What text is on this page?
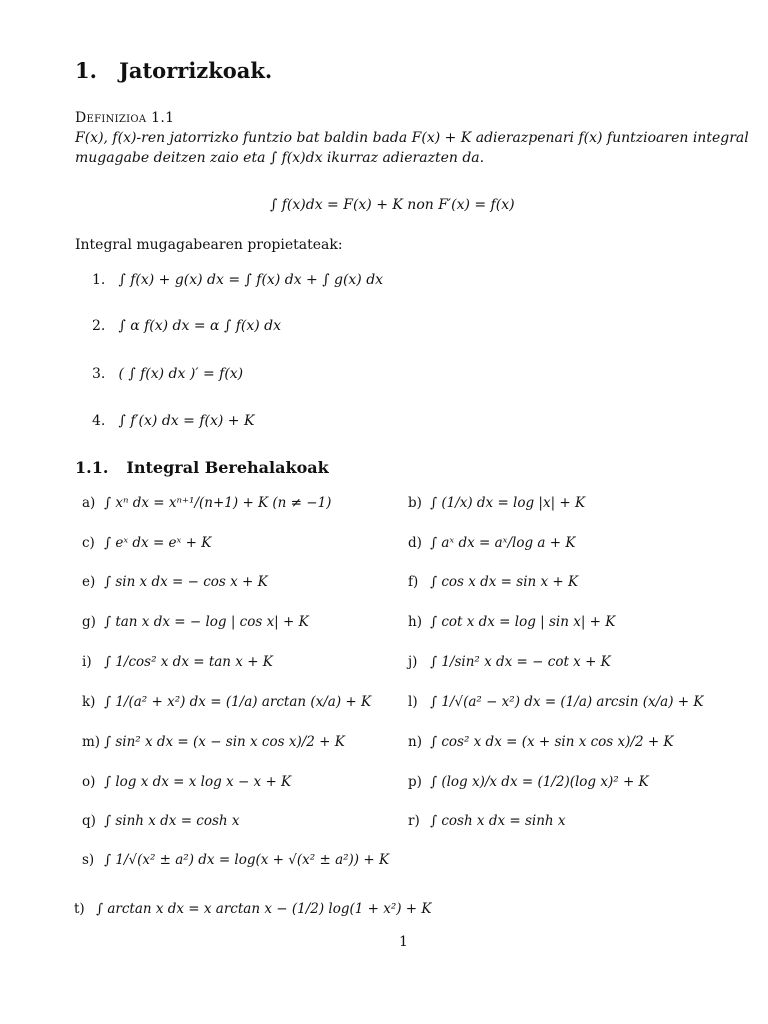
1. Jatorrizkoak.
Definizioa 1.1
F(x), f(x)-ren jatorrizko funtzio bat baldin bada F(x) + K adierazpenari f(x) funtzioaren integral
mugagabe deitzen zaio eta ∫ f(x)dx ikurraz adierazten da.
∫ f(x)dx = F(x) + K non F′(x) = f(x)
Integral mugagabearen propietateak:
1. ∫ f(x) + g(x) dx = ∫ f(x) dx + ∫ g(x) dx
2. ∫ α f(x) dx = α ∫ f(x) dx
3. ( ∫ f(x) dx )′ = f(x)
4. ∫ f′(x) dx = f(x) + K
1.1. Integral Berehalakoak
a) ∫ xⁿ dx = xⁿ⁺¹/(n+1) + K (n ≠ −1)
c) ∫ eˣ dx = eˣ + K
e) ∫ sin x dx = − cos x + K
g) ∫ tan x dx = − log | cos x| + K
i) ∫ 1/cos² x dx = tan x + K
k) ∫ 1/(a² + x²) dx = (1/a) arctan (x/a) + K
m) ∫ sin² x dx = (x − sin x cos x)/2 + K
o) ∫ log x dx = x log x − x + K
q) ∫ sinh x dx = cosh x
s) ∫ 1/√(x² ± a²) dx = log(x + √(x² ± a²)) + K
t) ∫ arctan x dx = x arctan x − (1/2) log(1 + x²) + K
b) ∫ (1/x) dx = log |x| + K
d) ∫ aˣ dx = aˣ/log a + K
f) ∫ cos x dx = sin x + K
h) ∫ cot x dx = log | sin x| + K
j) ∫ 1/sin² x dx = − cot x + K
l) ∫ 1/√(a² − x²) dx = (1/a) arcsin (x/a) + K
n) ∫ cos² x dx = (x + sin x cos x)/2 + K
p) ∫ (log x)/x dx = (1/2)(log x)² + K
r) ∫ cosh x dx = sinh x
1
